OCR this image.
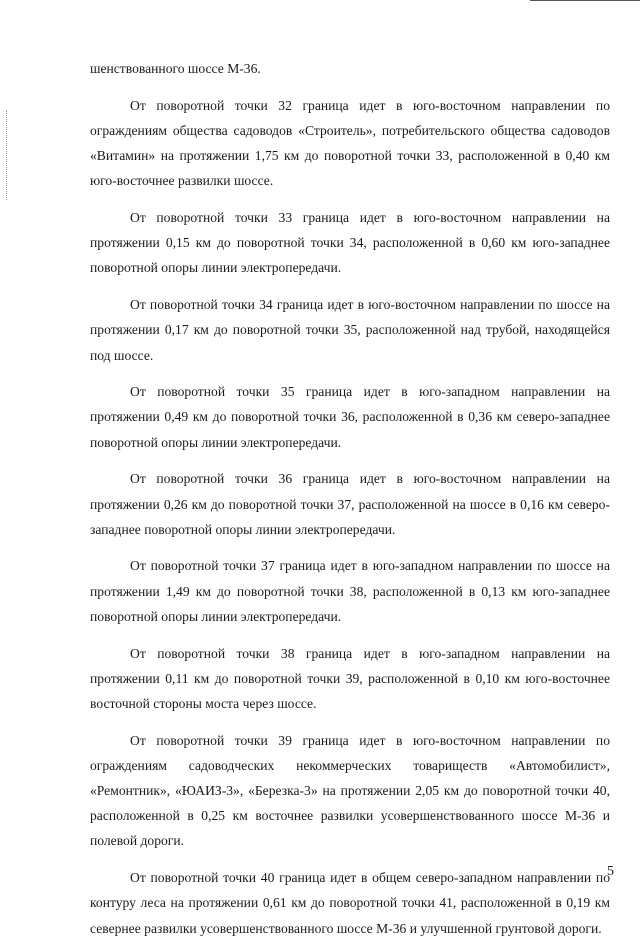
шенствованного шоссе М-36.

От поворотной точки 32 граница идет в юго-восточном направлении по ограждениям общества садоводов «Строитель», потребительского общества садоводов «Витамин» на протяжении 1,75 км до поворотной точки 33, расположенной в 0,40 км юго-восточнее развилки шоссе.

От поворотной точки 33 граница идет в юго-восточном направлении на протяжении 0,15 км до поворотной точки 34, расположенной в 0,60 км юго-западнее поворотной опоры линии электропередачи.

От поворотной точки 34 граница идет в юго-восточном направлении по шоссе на протяжении 0,17 км до поворотной точки 35, расположенной над трубой, находящейся под шоссе.

От поворотной точки 35 граница идет в юго-западном направлении на протяжении 0,49 км до поворотной точки 36, расположенной в 0,36 км северо-западнее поворотной опоры линии электропередачи.

От поворотной точки 36 граница идет в юго-восточном направлении на протяжении 0,26 км до поворотной точки 37, расположенной на шоссе в 0,16 км северо-западнее поворотной опоры линии электропередачи.

От поворотной точки 37 граница идет в юго-западном направлении по шоссе на протяжении 1,49 км до поворотной точки 38, расположенной в 0,13 км юго-западнее поворотной опоры линии электропередачи.

От поворотной точки 38 граница идет в юго-западном направлении на протяжении 0,11 км до поворотной точки 39, расположенной в 0,10 км юго-восточнее восточной стороны моста через шоссе.

От поворотной точки 39 граница идет в юго-восточном направлении по ограждениям садоводческих некоммерческих товариществ «Автомобилист», «Ремонтник», «ЮАИЗ-3», «Березка-3» на протяжении 2,05 км до поворотной точки 40, расположенной в 0,25 км восточнее развилки усовершенствованного шоссе М-36 и полевой дороги.

От поворотной точки 40 граница идет в общем северо-западном направлении по контуру леса на протяжении 0,61 км до поворотной точки 41, расположенной в 0,19 км севернее развилки усовершенствованного шоссе М-36 и улучшенной грунтовой дороги.

5
